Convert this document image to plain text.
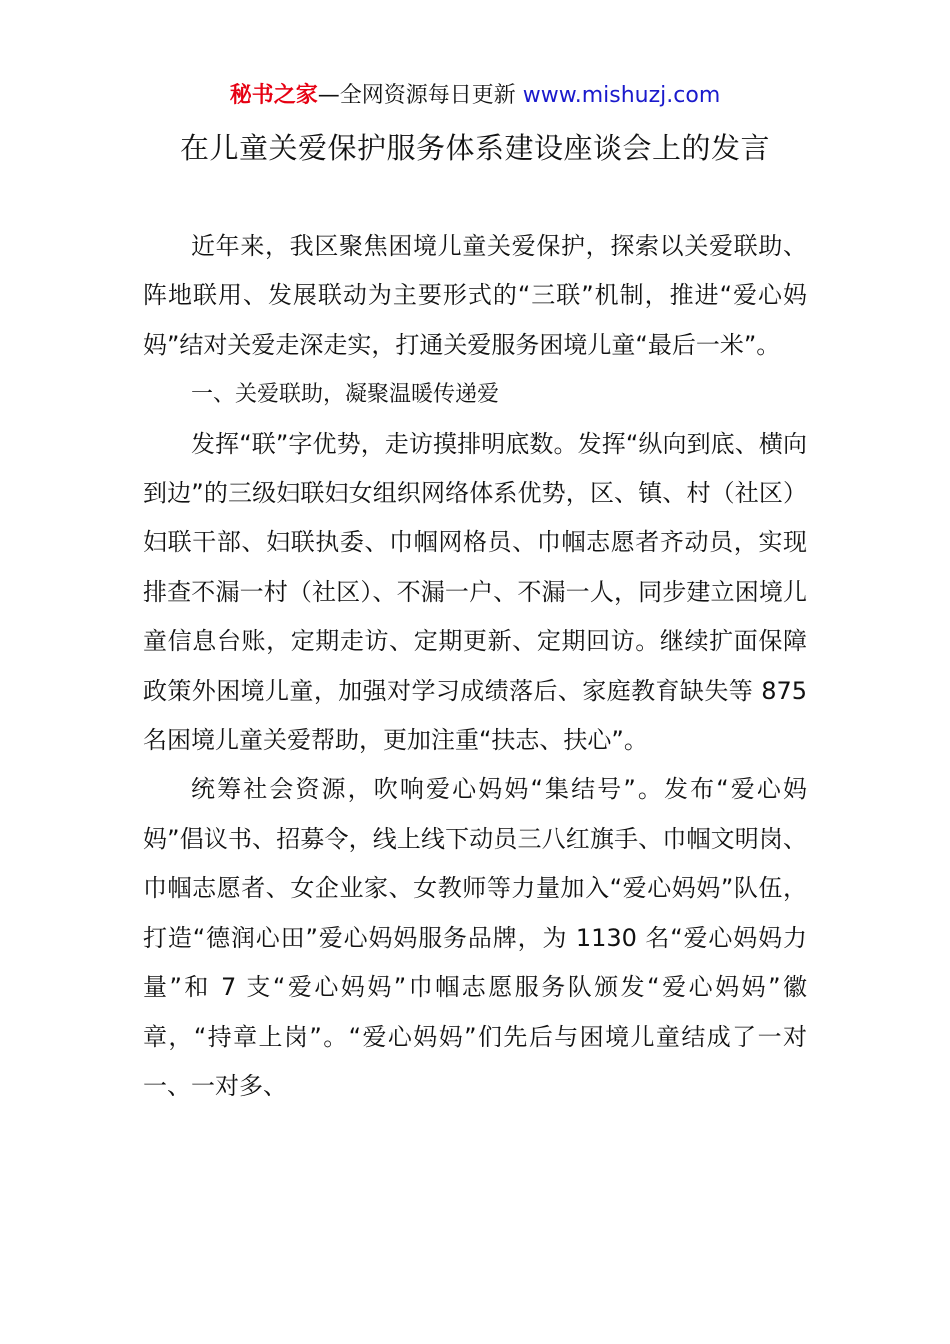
秘书之家—全网资源每日更新 www.mishuzj.com
在儿童关爱保护服务体系建设座谈会上的发言

近年来，我区聚焦困境儿童关爱保护，探索以关爱联助、阵地联用、发展联动为主要形式的“三联”机制，推进“爱心妈妈”结对关爱走深走实，打通关爱服务困境儿童“最后一米”。

一、关爱联助，凝聚温暖传递爱

发挥“联”字优势，走访摸排明底数。发挥“纵向到底、横向到边”的三级妇联妇女组织网络体系优势，区、镇、村（社区）妇联干部、妇联执委、巾帼网格员、巾帼志愿者齐动员，实现排查不漏一村（社区）、不漏一户、不漏一人，同步建立困境儿童信息台账，定期走访、定期更新、定期回访。继续扩面保障政策外困境儿童，加强对学习成绩落后、家庭教育缺失等 875 名困境儿童关爱帮助，更加注重“扶志、扶心”。

统筹社会资源，吹响爱心妈妈“集结号”。发布“爱心妈妈”倡议书、招募令，线上线下动员三八红旗手、巾帼文明岗、巾帼志愿者、女企业家、女教师等力量加入“爱心妈妈”队伍，打造“德润心田”爱心妈妈服务品牌，为 1130 名“爱心妈妈力量”和 7 支“爱心妈妈”巾帼志愿服务队颁发“爱心妈妈”徽章，“持章上岗”。“爱心妈妈”们先后与困境儿童结成了一对一、一对多、
